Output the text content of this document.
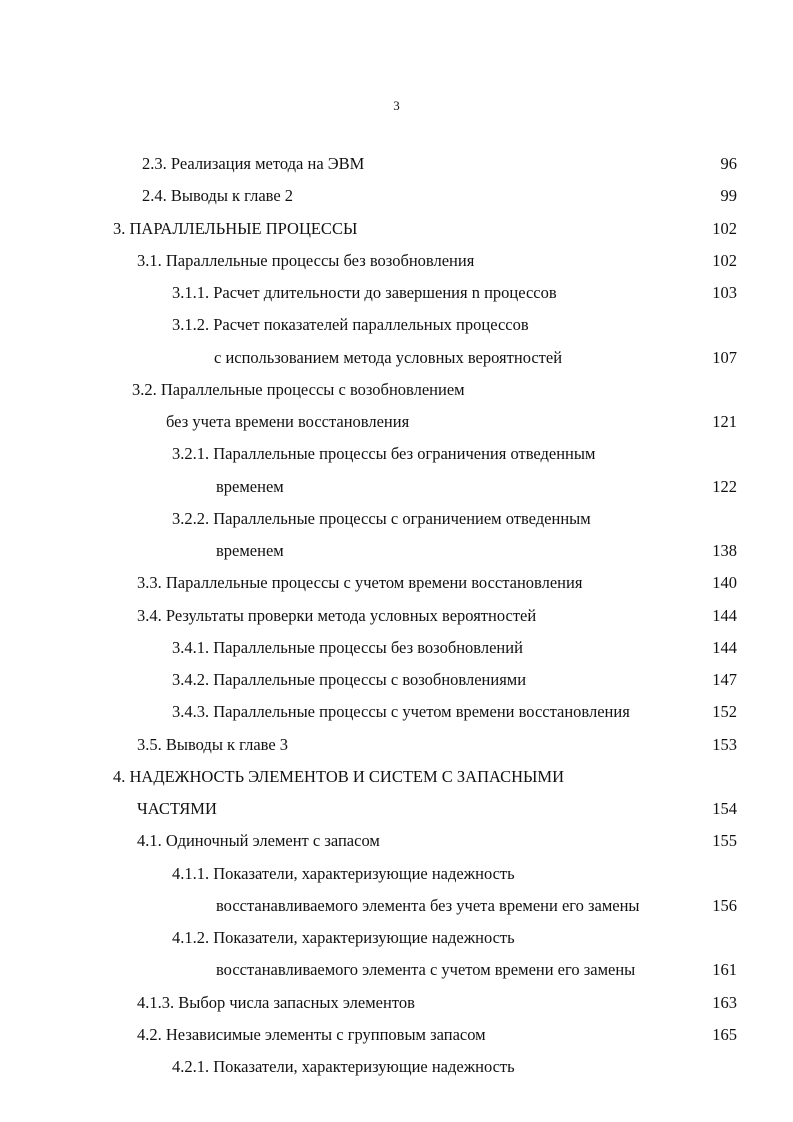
3
2.3. Реализация метода на ЭВМ	96
2.4. Выводы к главе 2	99
3. ПАРАЛЛЕЛЬНЫЕ ПРОЦЕССЫ	102
3.1. Параллельные процессы без возобновления	102
3.1.1. Расчет длительности до завершения n процессов	103
3.1.2. Расчет показателей параллельных процессов
с использованием метода условных вероятностей	107
3.2. Параллельные процессы с возобновлением
без учета времени восстановления	121
3.2.1. Параллельные процессы без ограничения отведенным
временем	122
3.2.2. Параллельные процессы с ограничением отведенным
временем	138
3.3. Параллельные процессы с учетом времени восстановления	140
3.4. Результаты проверки метода условных вероятностей	144
3.4.1. Параллельные процессы без возобновлений	144
3.4.2. Параллельные процессы с возобновлениями	147
3.4.3. Параллельные процессы с учетом времени восстановления	152
3.5. Выводы к главе 3	153
4. НАДЕЖНОСТЬ ЭЛЕМЕНТОВ И СИСТЕМ С ЗАПАСНЫМИ
ЧАСТЯМИ	154
4.1. Одиночный элемент с запасом	155
4.1.1. Показатели, характеризующие надежность
восстанавливаемого элемента без учета времени его замены	156
4.1.2. Показатели, характеризующие надежность
восстанавливаемого элемента с учетом времени его замены	161
4.1.3. Выбор числа запасных элементов	163
4.2. Независимые элементы с групповым запасом	165
4.2.1. Показатели, характеризующие надежность
